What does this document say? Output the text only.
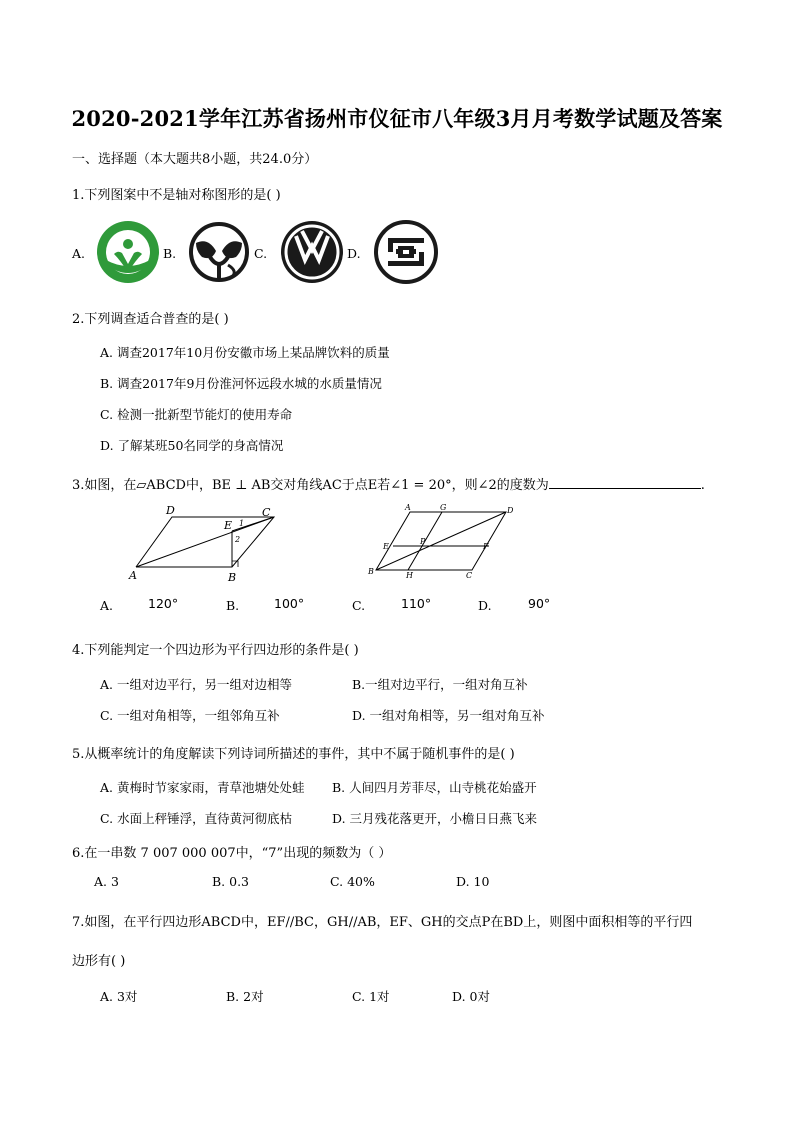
2020-2021学年江苏省扬州市仪征市八年级3月月考数学试题及答案
一、选择题（本大题共8小题，共24.0分）
1.下列图案中不是轴对称图形的是( )
A.	B.	C.	D.
2.下列调查适合普查的是( )
A. 调查2017年10月份安徽市场上某品牌饮料的质量
B. 调查2017年9月份淮河怀远段水城的水质量情况
C. 检测一批新型节能灯的使用寿命
D. 了解某班50名同学的身高情况
3.如图，在▱ABCD中，BE ⊥ AB交对角线AC于点E若∠1 = 20°，则∠2的度数为	.
D	C
E 1
2
A	B
A	G	D
E
P
F
B	H	C
A.	120°	B.	100°	C.	110°	D.	90°
4.下列能判定一个四边形为平行四边形的条件是( )
A. 一组对边平行，另一组对边相等	B.一组对边平行，一组对角互补
C. 一组对角相等，一组邻角互补	D. 一组对角相等，另一组对角互补
5.从概率统计的角度解读下列诗词所描述的事件，其中不属于随机事件的是( )
A. 黄梅时节家家雨，青草池塘处处蛙 B. 人间四月芳菲尽，山寺桃花始盛开
C. 水面上秤锤浮，直待黄河彻底枯	D. 三月残花落更开，小檐日日燕飞来
6.在一串数 7 007 000 007中，“7”出现的频数为（ ）
A. 3	B. 0.3	C. 40%	D. 10
7.如图，在平行四边形ABCD中，EF//BC，GH//AB，EF、GH的交点P在BD上，则图中面积相等的平行四
边形有( )
A. 3对	B. 2对	C. 1对	D. 0对
